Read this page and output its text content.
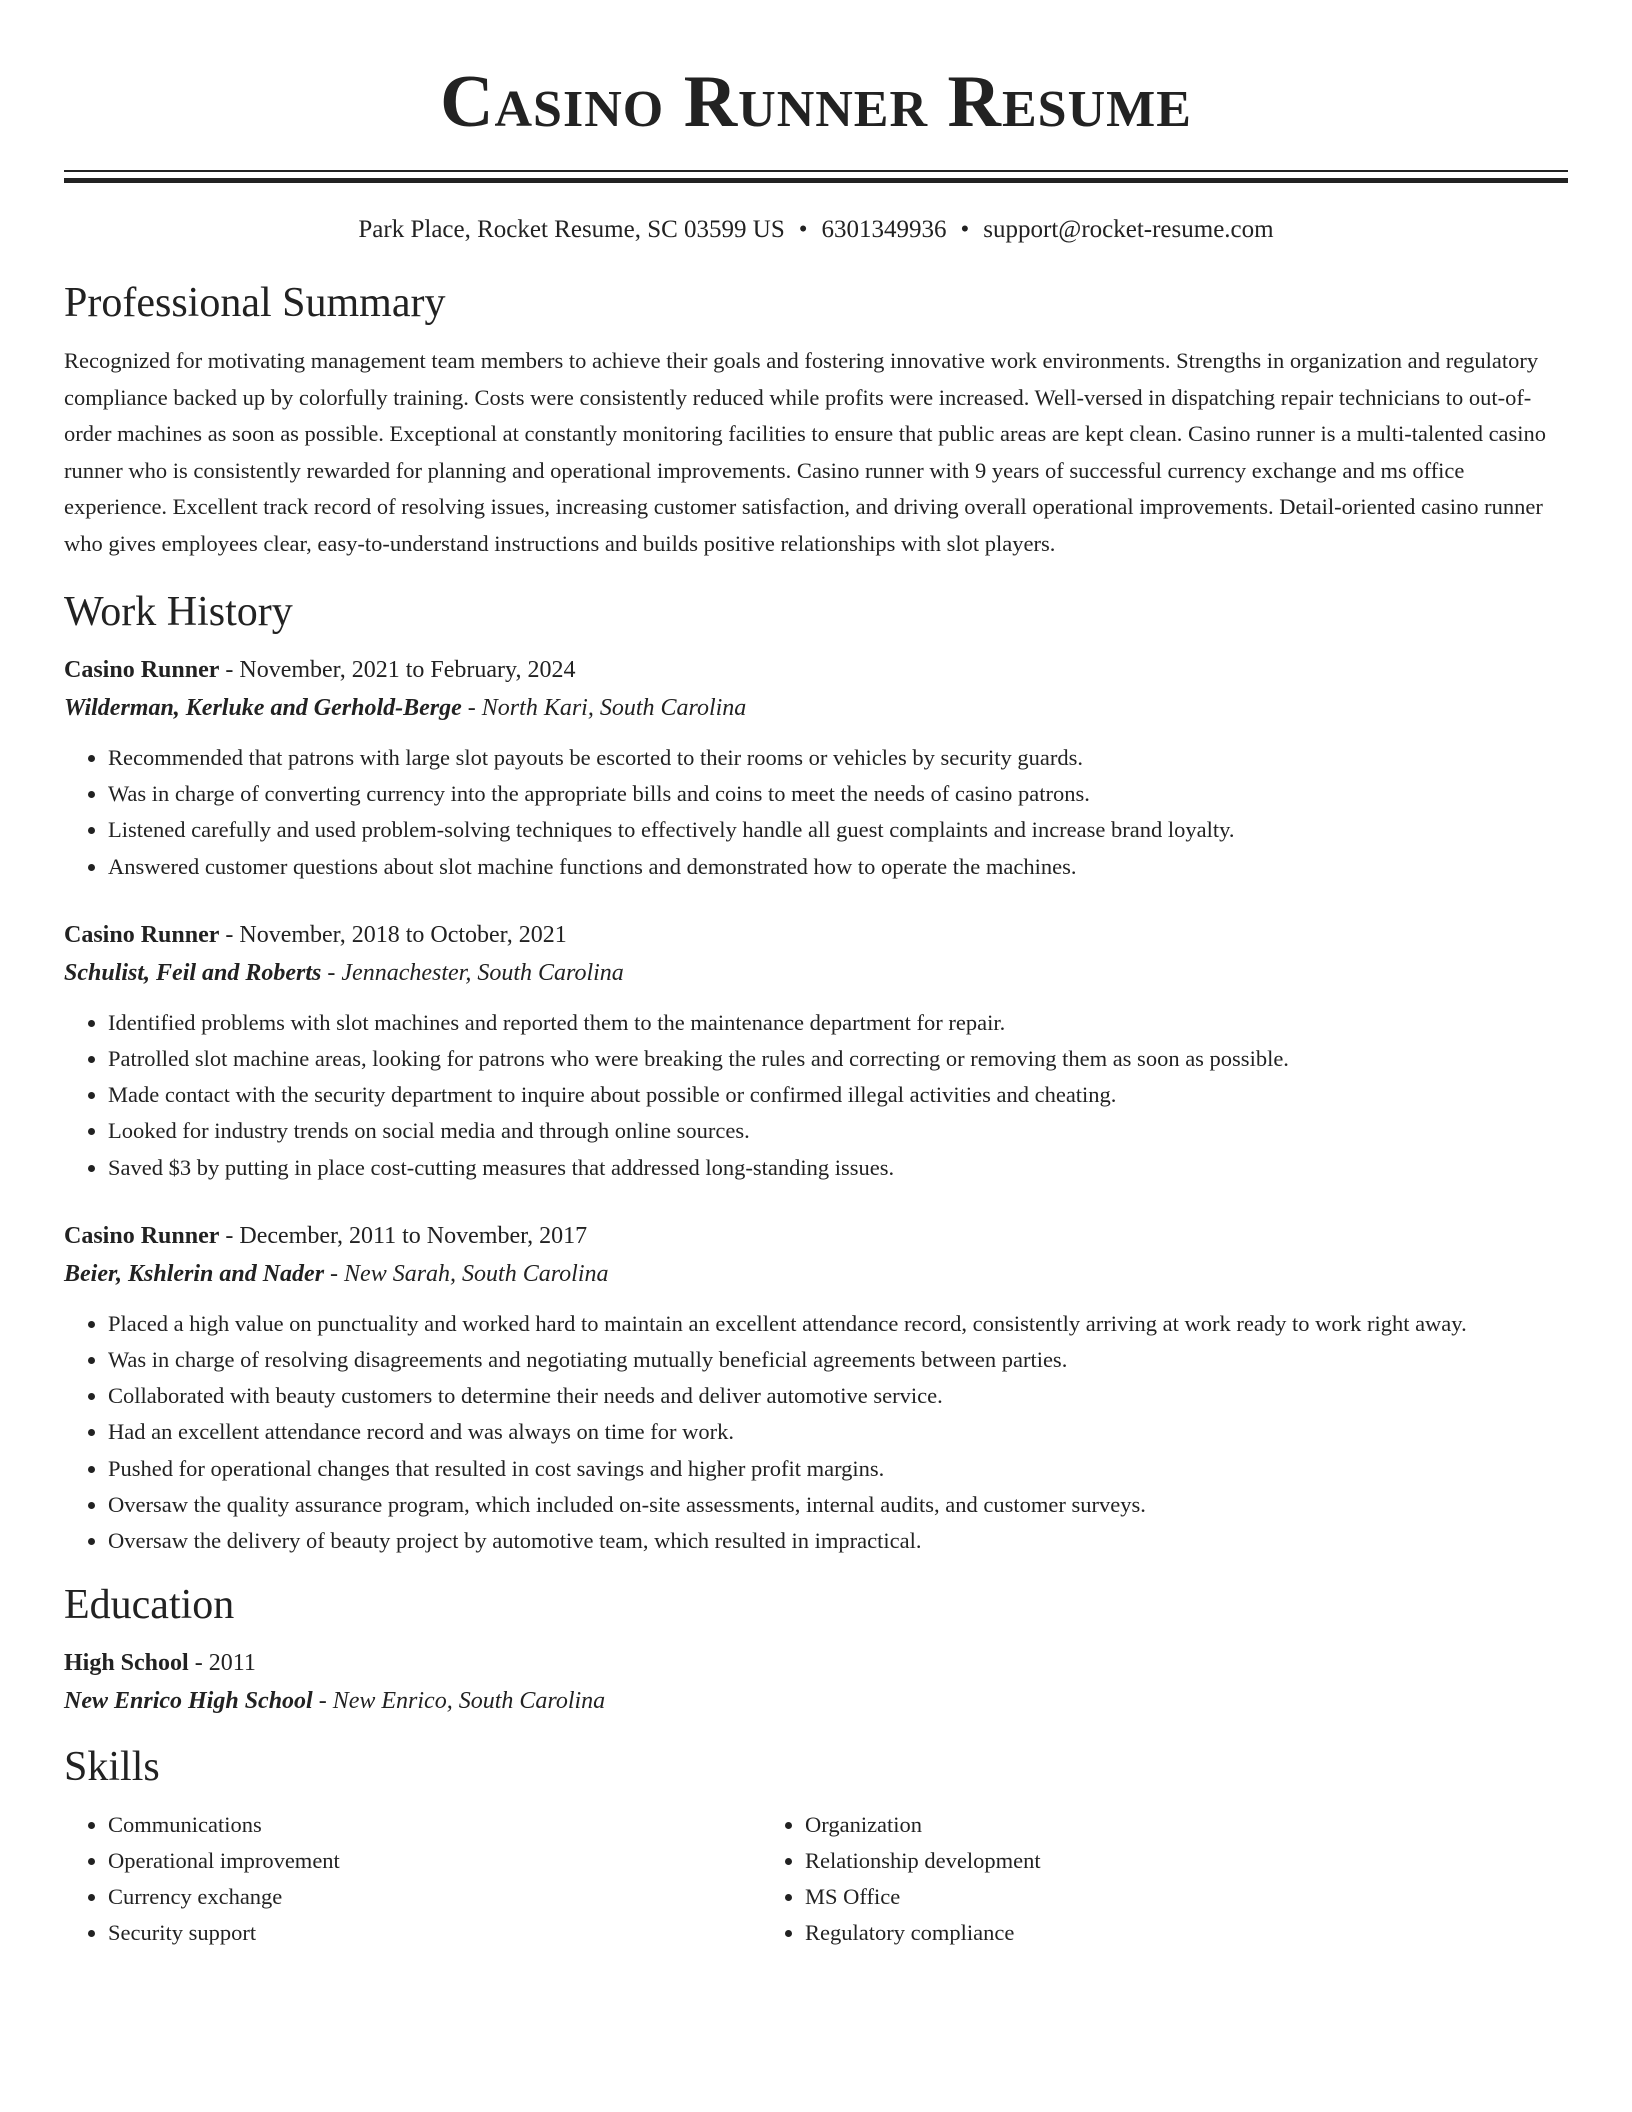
Casino Runner Resume
Park Place, Rocket Resume, SC 03599 US • 6301349936 • support@rocket-resume.com
Professional Summary

Recognized for motivating management team members to achieve their goals and fostering innovative work environments. Strengths in organization and regulatory compliance backed up by colorfully training. Costs were consistently reduced while profits were increased. Well-versed in dispatching repair technicians to out-of-order machines as soon as possible. Exceptional at constantly monitoring facilities to ensure that public areas are kept clean. Casino runner is a multi-talented casino runner who is consistently rewarded for planning and operational improvements. Casino runner with 9 years of successful currency exchange and ms office experience. Excellent track record of resolving issues, increasing customer satisfaction, and driving overall operational improvements. Detail-oriented casino runner who gives employees clear, easy-to-understand instructions and builds positive relationships with slot players.

Work History
Casino Runner - November, 2021 to February, 2024
Wilderman, Kerluke and Gerhold-Berge - North Kari, South Carolina
• Recommended that patrons with large slot payouts be escorted to their rooms or vehicles by security guards.
• Was in charge of converting currency into the appropriate bills and coins to meet the needs of casino patrons.
• Listened carefully and used problem-solving techniques to effectively handle all guest complaints and increase brand loyalty.
• Answered customer questions about slot machine functions and demonstrated how to operate the machines.
Casino Runner - November, 2018 to October, 2021
Schulist, Feil and Roberts - Jennachester, South Carolina
• Identified problems with slot machines and reported them to the maintenance department for repair.
• Patrolled slot machine areas, looking for patrons who were breaking the rules and correcting or removing them as soon as possible.
• Made contact with the security department to inquire about possible or confirmed illegal activities and cheating.
• Looked for industry trends on social media and through online sources.
• Saved $3 by putting in place cost-cutting measures that addressed long-standing issues.
Casino Runner - December, 2011 to November, 2017
Beier, Kshlerin and Nader - New Sarah, South Carolina
• Placed a high value on punctuality and worked hard to maintain an excellent attendance record, consistently arriving at work ready to work right away.
• Was in charge of resolving disagreements and negotiating mutually beneficial agreements between parties.
• Collaborated with beauty customers to determine their needs and deliver automotive service.
• Had an excellent attendance record and was always on time for work.
• Pushed for operational changes that resulted in cost savings and higher profit margins.
• Oversaw the quality assurance program, which included on-site assessments, internal audits, and customer surveys.
• Oversaw the delivery of beauty project by automotive team, which resulted in impractical.
Education
High School - 2011
New Enrico High School - New Enrico, South Carolina
Skills
• Communications
• Operational improvement
• Currency exchange
• Security support
• Organization
• Relationship development
• MS Office
• Regulatory compliance
